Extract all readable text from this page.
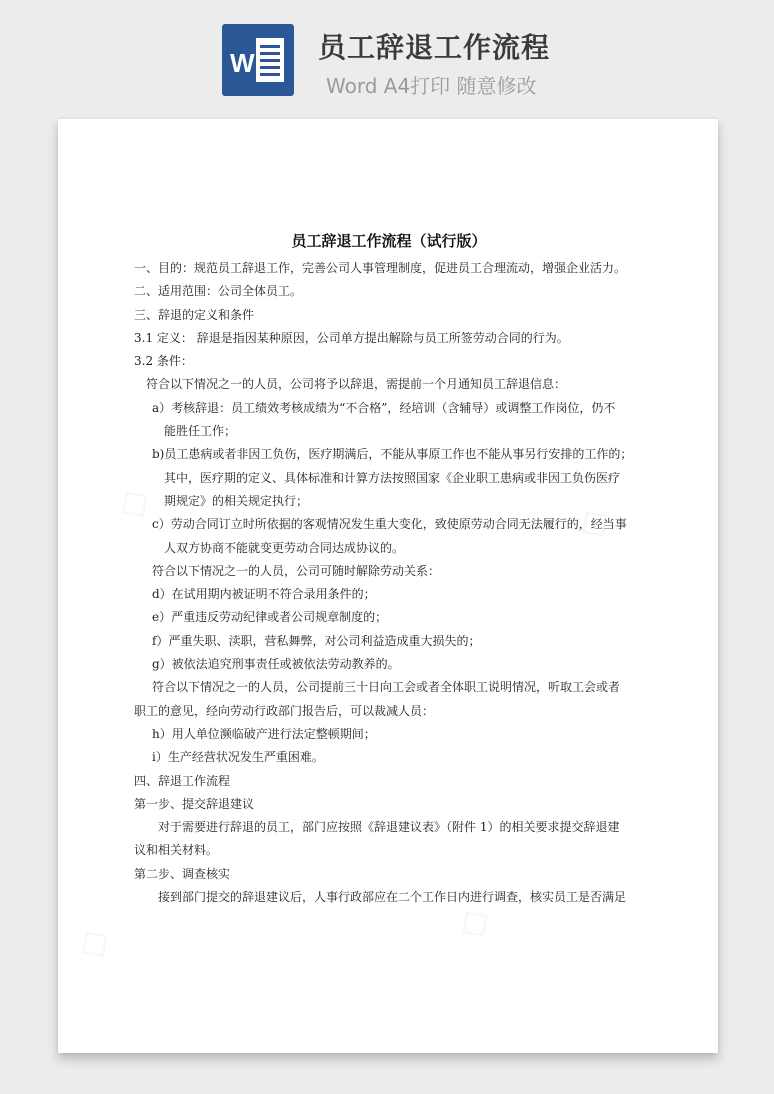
W 员工辞退工作流程
Word A4打印 随意修改
员工辞退工作流程（试行版）
一、目的：规范员工辞退工作，完善公司人事管理制度，促进员工合理流动，增强企业活力。
二、适用范围：公司全体员工。
三、辞退的定义和条件
3.1 定义： 辞退是指因某种原因，公司单方提出解除与员工所签劳动合同的行为。
3.2 条件：
符合以下情况之一的人员，公司将予以辞退，需提前一个月通知员工辞退信息：
a）考核辞退：员工绩效考核成绩为“不合格”，经培训（含辅导）或调整工作岗位，仍不
能胜任工作；
b)员工患病或者非因工负伤，医疗期满后，不能从事原工作也不能从事另行安排的工作的；
其中，医疗期的定义、具体标准和计算方法按照国家《企业职工患病或非因工负伤医疗
期规定》的相关规定执行；
c）劳动合同订立时所依据的客观情况发生重大变化，致使原劳动合同无法履行的，经当事
人双方协商不能就变更劳动合同达成协议的。
符合以下情况之一的人员，公司可随时解除劳动关系：
d）在试用期内被证明不符合录用条件的；
e）严重违反劳动纪律或者公司规章制度的；
f）严重失职、渎职，营私舞弊，对公司利益造成重大损失的；
g）被依法追究刑事责任或被依法劳动教养的。
符合以下情况之一的人员，公司提前三十日向工会或者全体职工说明情况，听取工会或者
职工的意见，经向劳动行政部门报告后，可以裁减人员：
h）用人单位濒临破产进行法定整顿期间；
i）生产经营状况发生严重困难。
四、辞退工作流程
第一步、提交辞退建议
对于需要进行辞退的员工，部门应按照《辞退建议表》（附件 1）的相关要求提交辞退建
议和相关材料。
第二步、调查核实
接到部门提交的辞退建议后，人事行政部应在二个工作日内进行调查，核实员工是否满足
